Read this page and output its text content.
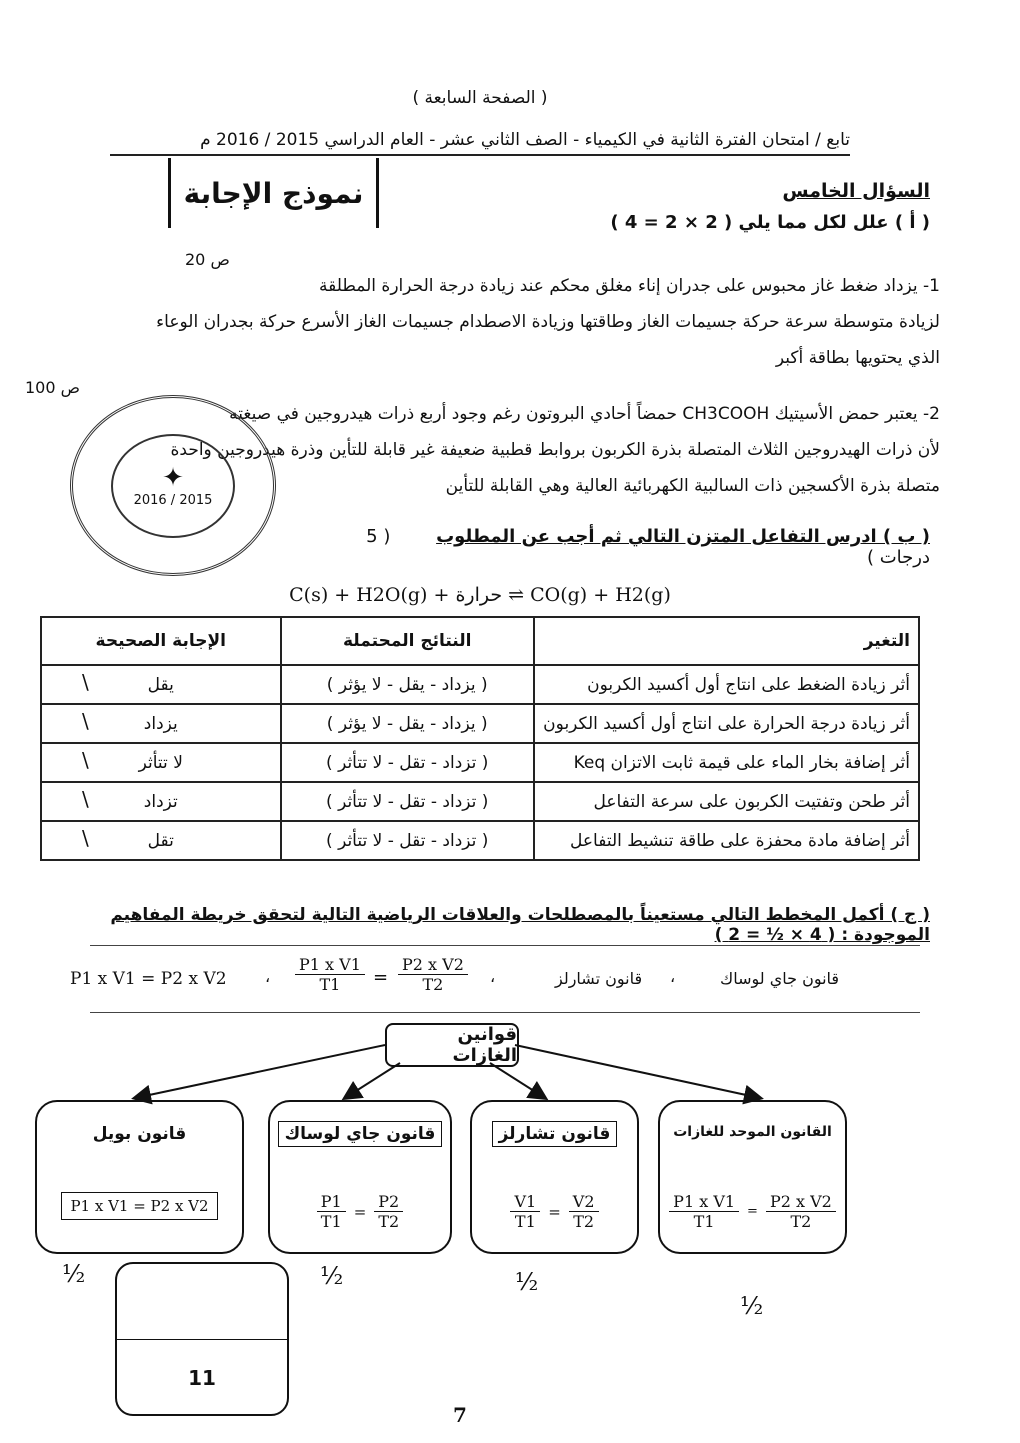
( الصفحة السابعة )
تابع / امتحان الفترة الثانية في الكيمياء - الصف الثاني عشر - العام الدراسي 2015 / 2016 م
نموذج الإجابة	السؤال الخامس
( أ ) علل لكل مما يلي ( 2 × 2 = 4 )
ص 20
1- يزداد ضغط غاز محبوس على جدران إناء مغلق محكم عند زيادة درجة الحرارة المطلقة
لزيادة متوسطة سرعة حركة جسيمات الغاز وطاقتها وزيادة الاصطدام جسيمات الغاز الأسرع حركة بجدران الوعاء
الذي يحتويها بطاقة أكبر
ص 100
2- يعتبر حمض الأسيتيك CH3COOH حمضاً أحادي البروتون رغم وجود أربع ذرات هيدروجين في صيغته
لأن ذرات الهيدروجين الثلاث المتصلة بذرة الكربون بروابط قطبية ضعيفة غير قابلة للتأين وذرة هيدروجين واحدة
متصلة بذرة الأكسجين ذات السالبية الكهربائية العالية وهي القابلة للتأين
✦
2016 / 2015
( ب ) ادرس التفاعل المتزن التالي ثم أجب عن المطلوب ( 5 درجات )
C(s) + H2O(g) + حرارة ⇌ CO(g) + H2(g)
التغير	النتائج المحتملة	الإجابة الصحيحة
أثر زيادة الضغط على انتاج أول أكسيد الكربون	( يزداد - يقل - لا يؤثر )	يقل
\

أثر زيادة درجة الحرارة على انتاج أول أكسيد الكربون	( يزداد - يقل - لا يؤثر )	يزداد
\

أثر إضافة بخار الماء على قيمة ثابت الاتزان Keq	( تزداد - تقل - لا تتأثر )	لا تتأثر
\

أثر طحن وتفتيت الكربون على سرعة التفاعل	( تزداد - تقل - لا تتأثر )	تزداد
\

أثر إضافة مادة محفزة على طاقة تنشيط التفاعل	( تزداد - تقل - لا تتأثر )	تقل
\
( ج ) أكمل المخطط التالي مستعيناً بالمصطلحات والعلاقات الرياضية التالية لتحقق خريطة المفاهيم الموجودة : ( 4 × ½ = 2 )
P1 x V1 = P2 x V2 ، $\frac{\text{P1 x V1}}{T1} = \frac{\text{P2 x V2}}{T2}$ ،	قانون تشارلز ،	قانون جاي لوساك
قوانين الغازات
قانون بويل
P1 x V1 = P2 x V2
قانون جاي لوساك
$\frac{P1}{T1} = \frac{P2}{T2}$
قانون تشارلز
$\frac{V1}{T1} = \frac{V2}{T2}$
القانون الموحد للغازات
$\frac{\text{P1 x V1}}{T1} = \frac{\text{P2 x V2}}{T2}$
½	½	½
½
11
7
